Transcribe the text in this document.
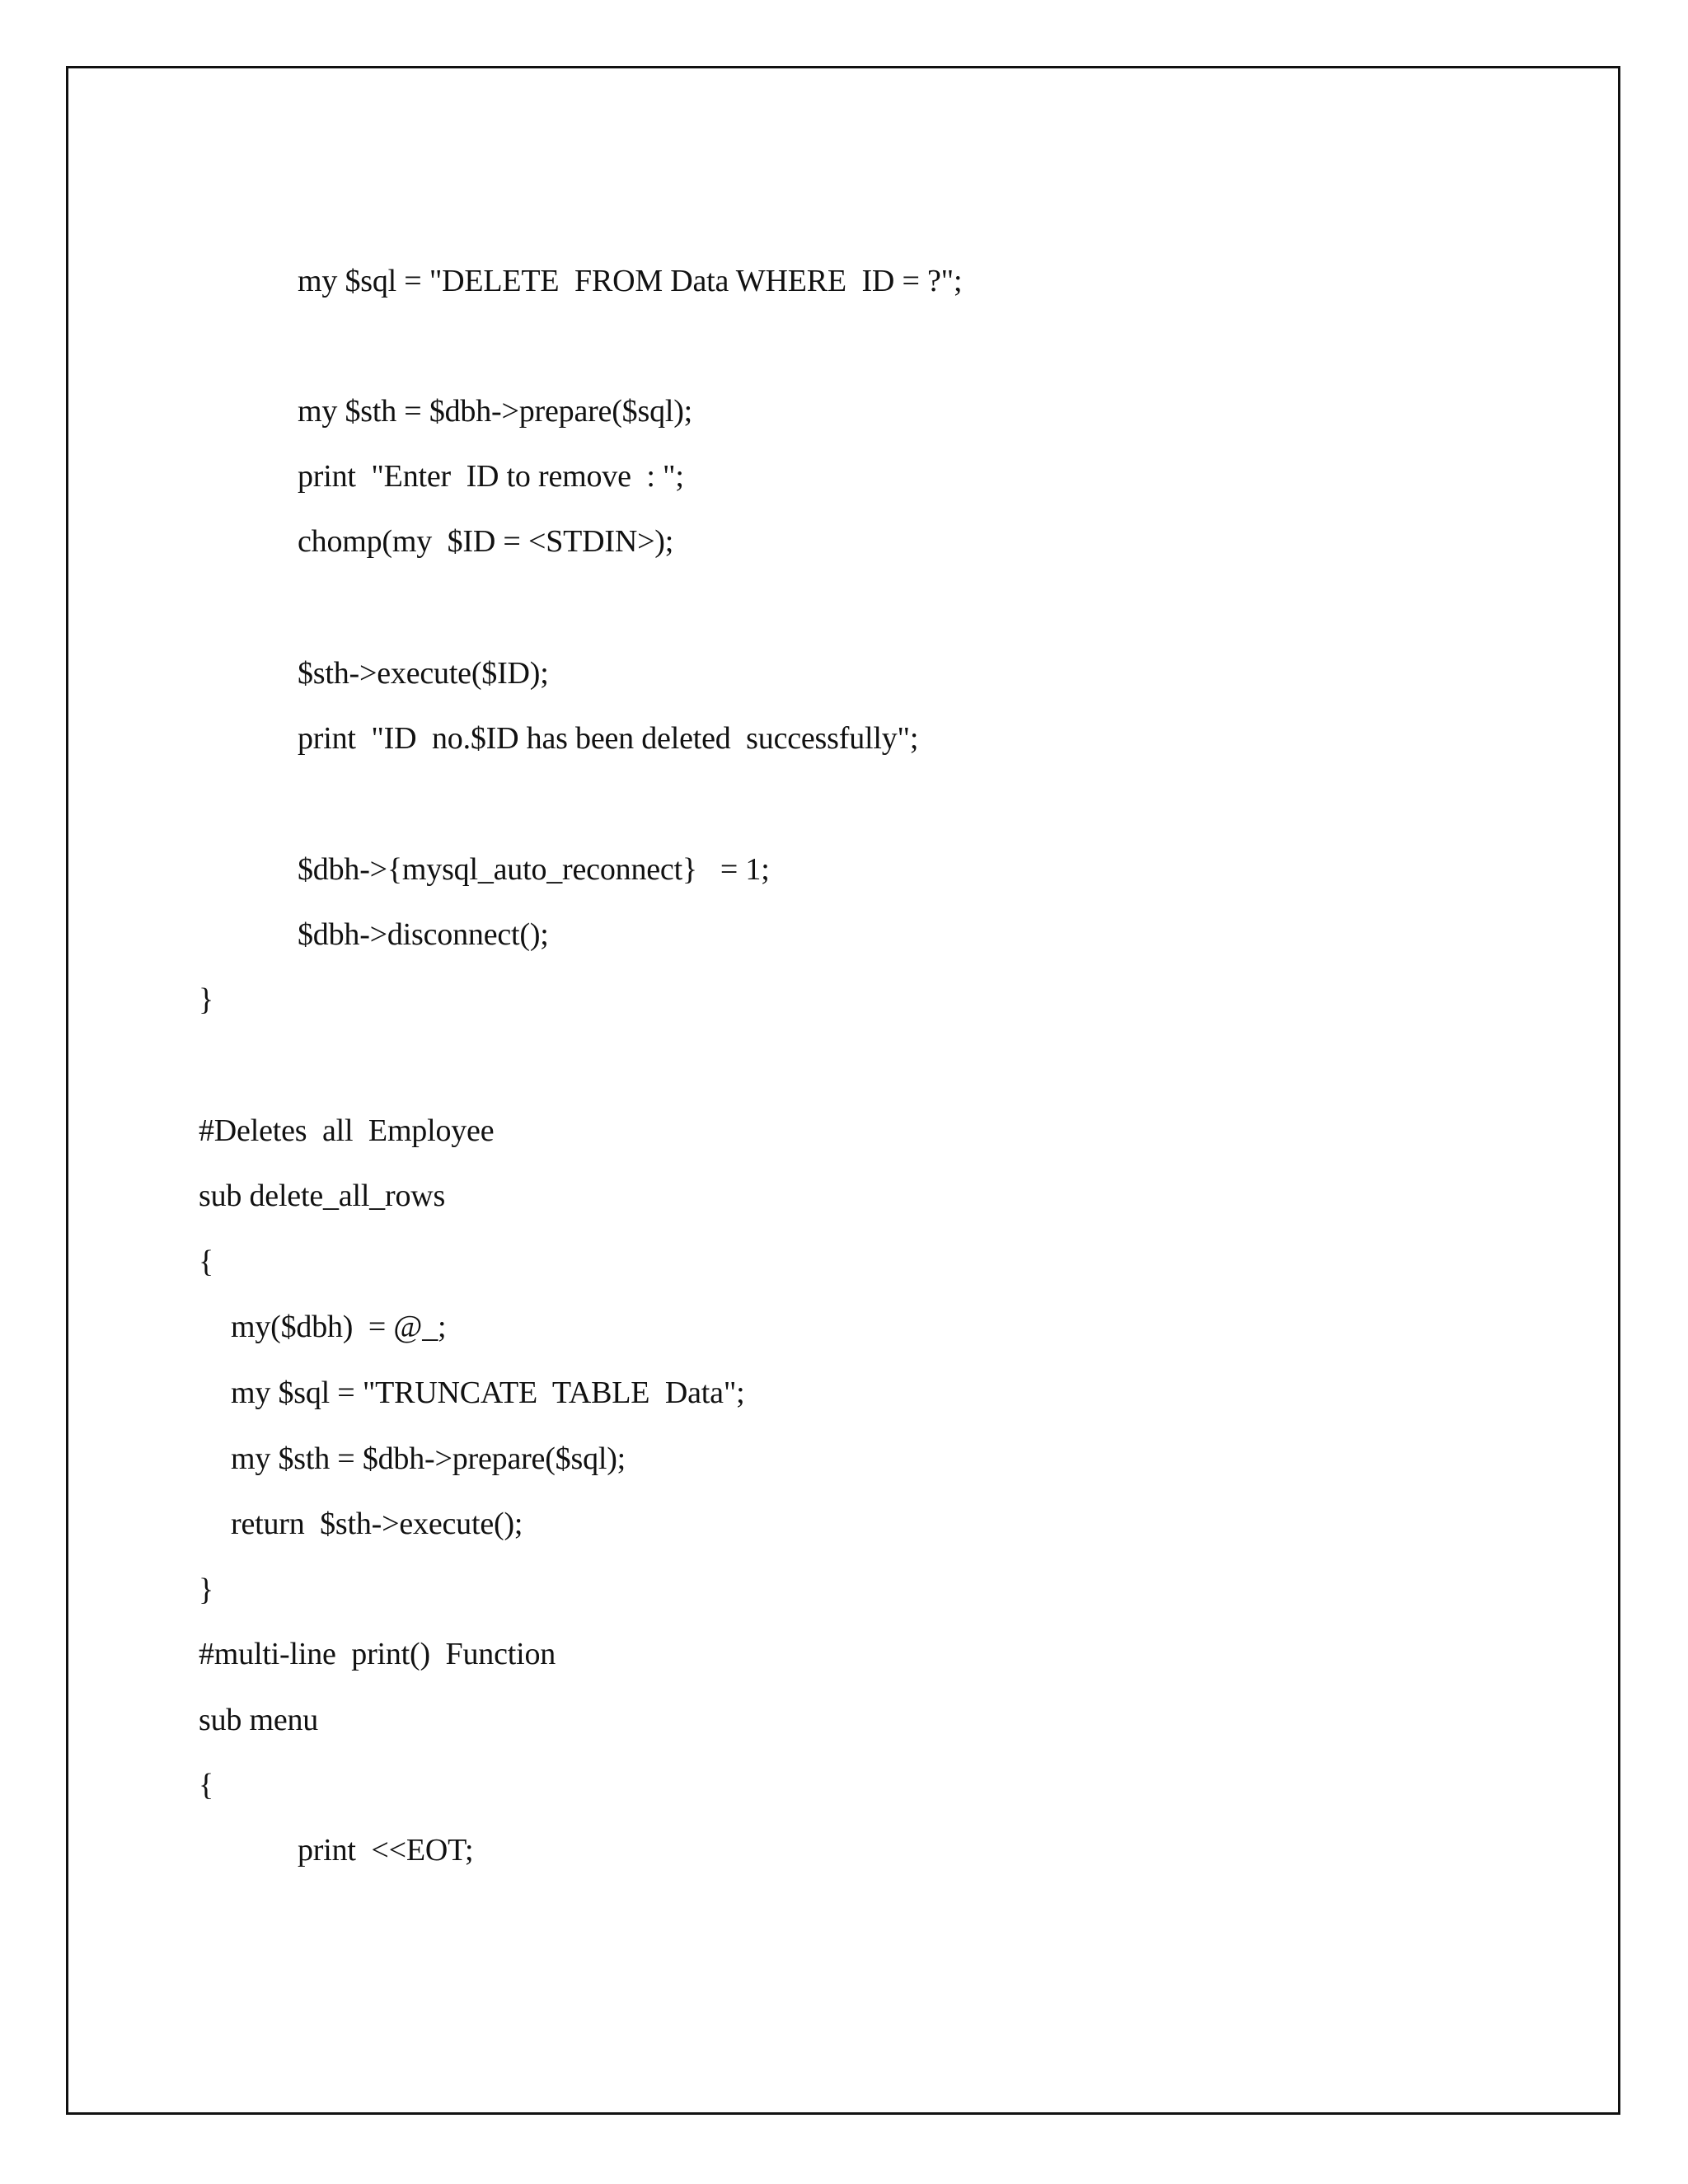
my $sql = "DELETE  FROM Data WHERE  ID = ?";
my $sth = $dbh->prepare($sql);
print  "Enter  ID to remove  : ";
chomp(my  $ID = <STDIN>);
$sth->execute($ID);
print  "ID  no.$ID has been deleted  successfully";
$dbh->{mysql_auto_reconnect}   = 1;
$dbh->disconnect();
}
#Deletes  all  Employee
sub delete_all_rows
{
my($dbh)  = @_;
my $sql = "TRUNCATE  TABLE  Data";
my $sth = $dbh->prepare($sql);
return  $sth->execute();
}
#multi-line  print()  Function
sub menu
{
print  <<EOT;
